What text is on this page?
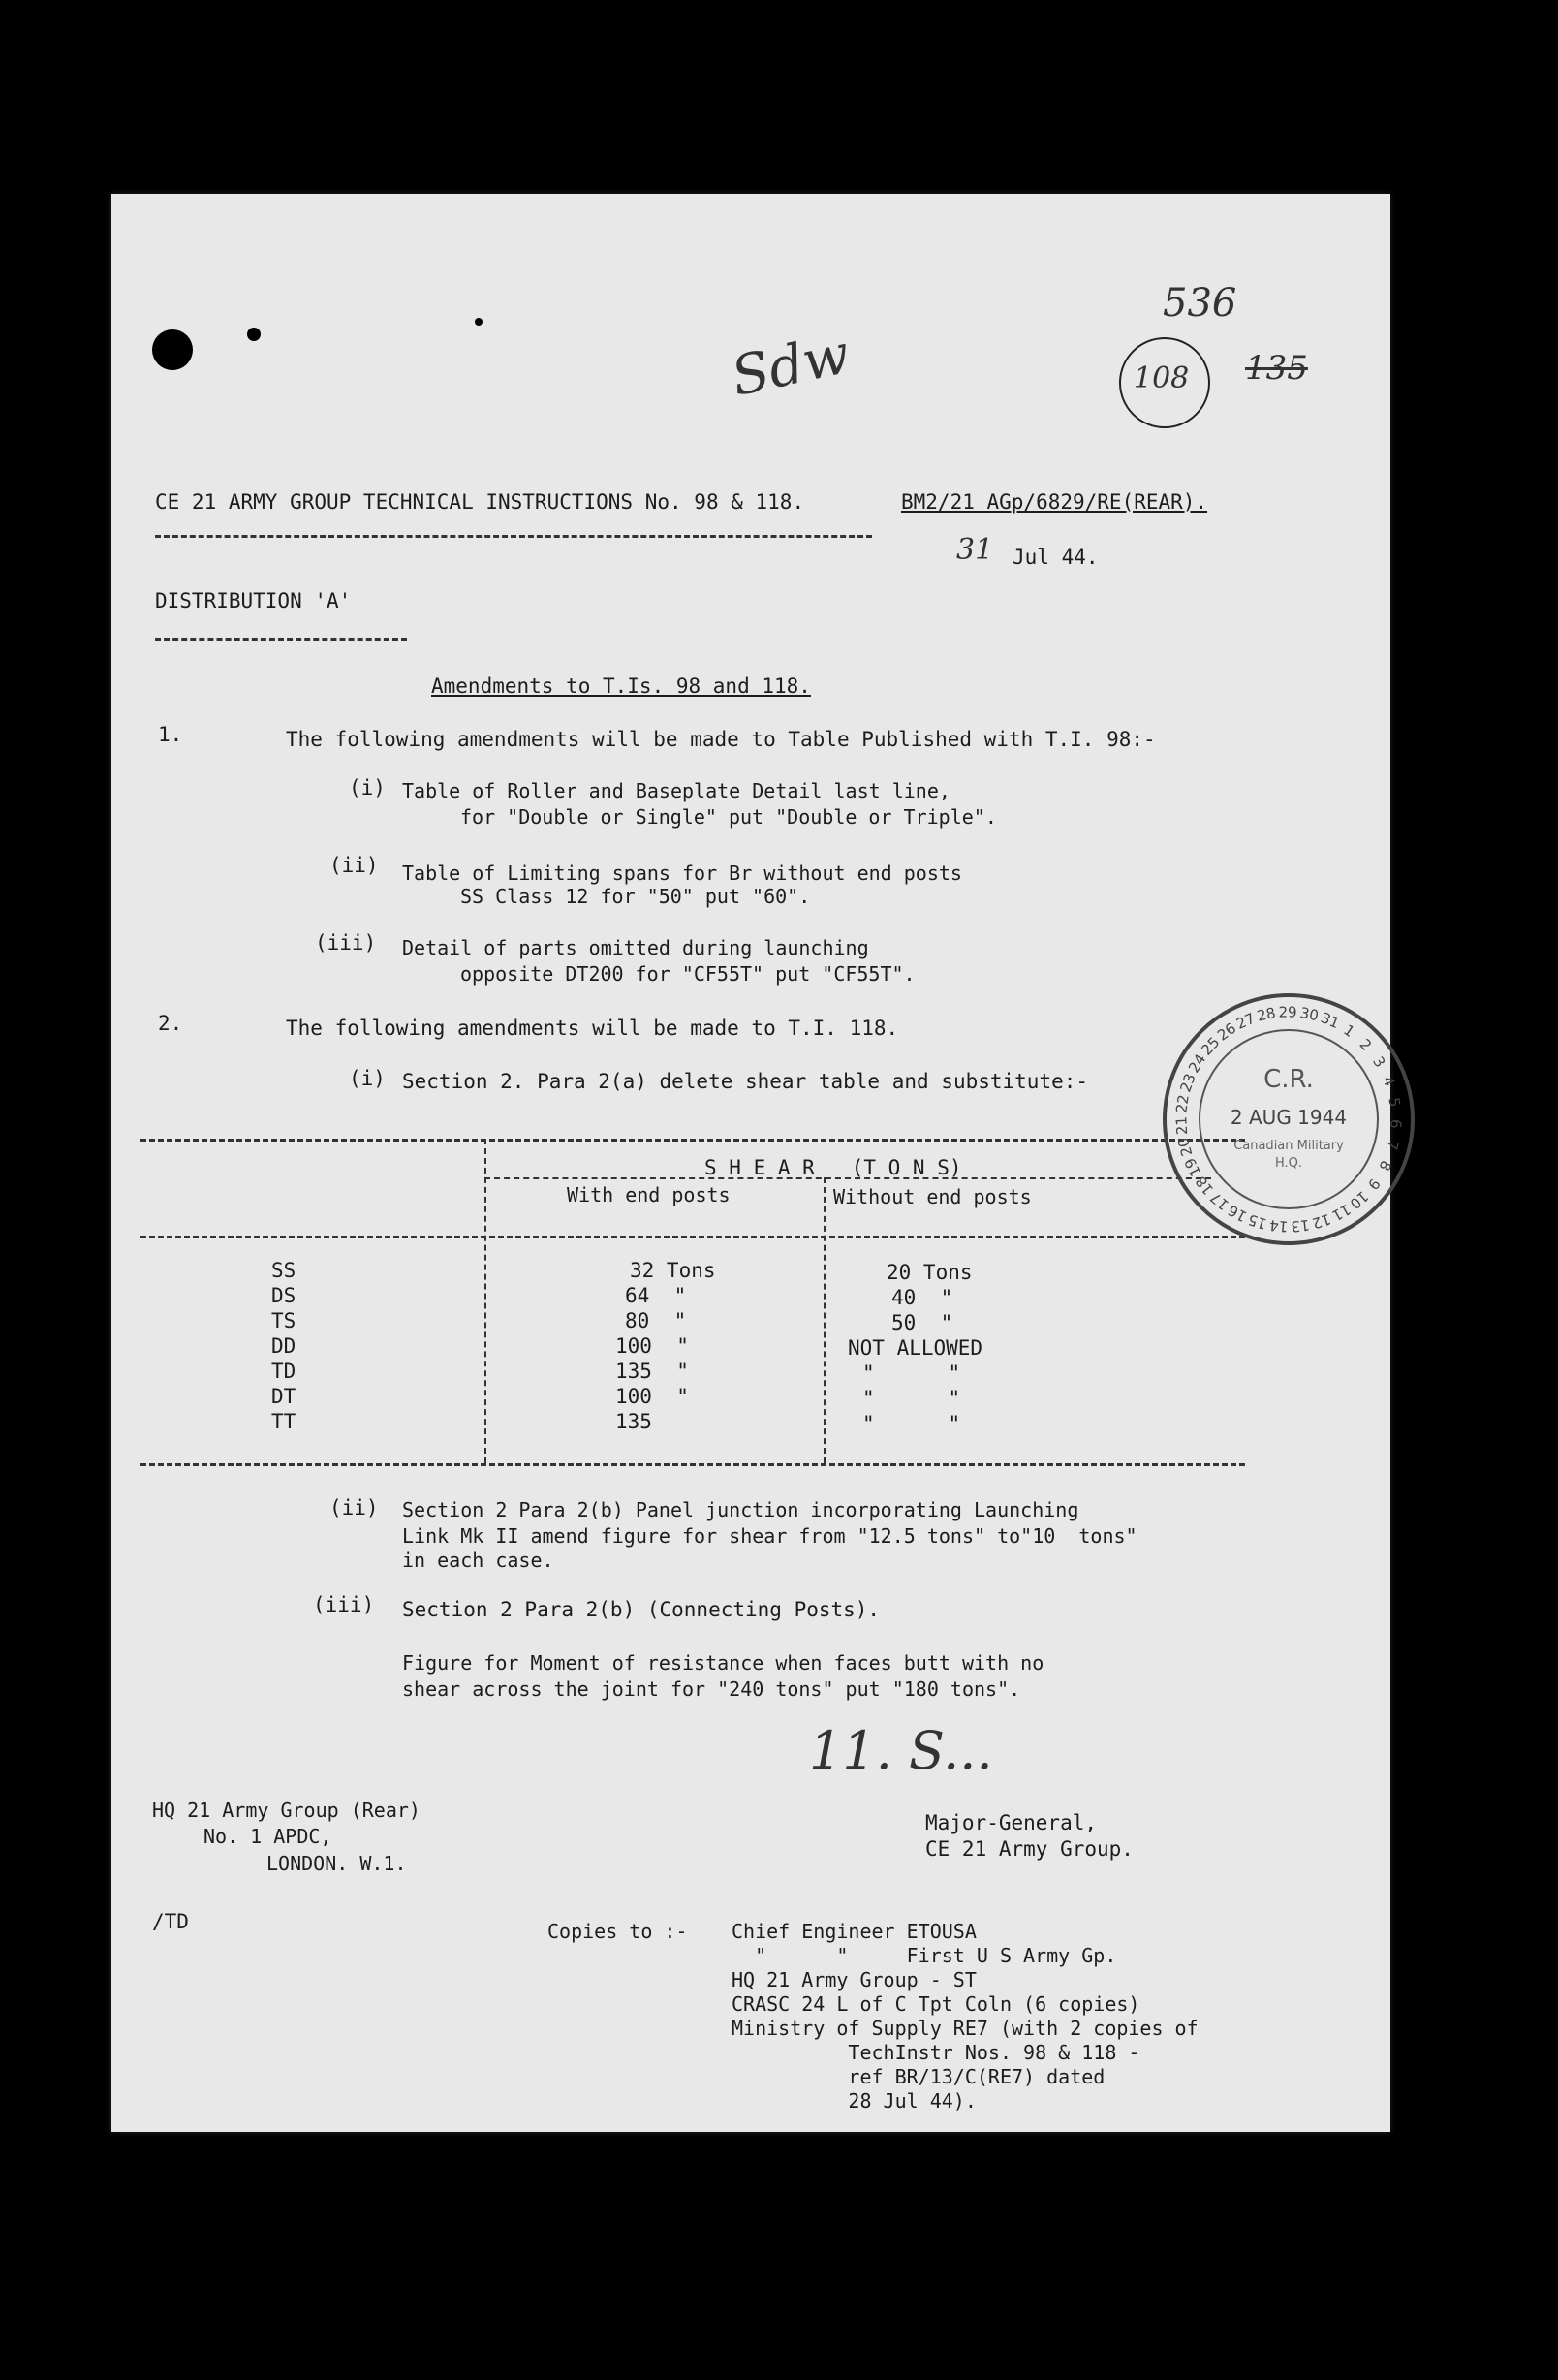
536
108 135
Sdw
CE 21 ARMY GROUP TECHNICAL INSTRUCTIONS No. 98 & 118.	BM2/21 AGp/6829/RE(REAR).
31 Jul 44.
DISTRIBUTION 'A'
Amendments to T.Is. 98 and 118.
1.	The following amendments will be made to Table Published with T.I. 98:-
(i) Table of Roller and Baseplate Detail last line,
for "Double or Single" put "Double or Triple".
(ii) Table of Limiting spans for Br without end posts
SS Class 12 for "50" put "60".
(iii) Detail of parts omitted during launching
opposite DT200 for "CF55T" put "CF55T".
2.	The following amendments will be made to T.I. 118.
(i) Section 2. Para 2(a) delete shear table and substitute:-
S H E A R   (T O N S)
With end posts	Without end posts
SS	32 Tons	20 Tons
DS	64  "	40  "
TS	80  "	50  "
DD	100  "	NOT ALLOWED
TD	135  "	"      "
DT	100  "	"      "
TT	135	"      "
(ii) Section 2 Para 2(b) Panel junction incorporating Launching
Link Mk II amend figure for shear from "12.5 tons" to"10  tons"
in each case.
(iii) Section 2 Para 2(b) (Connecting Posts).
Figure for Moment of resistance when faces butt with no
shear across the joint for "240 tons" put "180 tons".
11. S...
Major-General,
CE 21 Army Group.
HQ 21 Army Group (Rear)
No. 1 APDC,
LONDON. W.1.
/TD	Copies to :- Chief Engineer ETOUSA
"      "     First U S Army Gp.
HQ 21 Army Group - ST
CRASC 24 L of C Tpt Coln (6 copies)
Ministry of Supply RE7 (with 2 copies of
TechInstr Nos. 98 & 118 -
ref BR/13/C(RE7) dated
28 Jul 44).
1
2
3
4
5
6
7
8
9
10
11
12
13
14
15
16
17
18
19
20
21
22
23
24
25
26
27
28 29 30
31
C.R.
2 AUG 1944
Canadian Military
H.Q.
